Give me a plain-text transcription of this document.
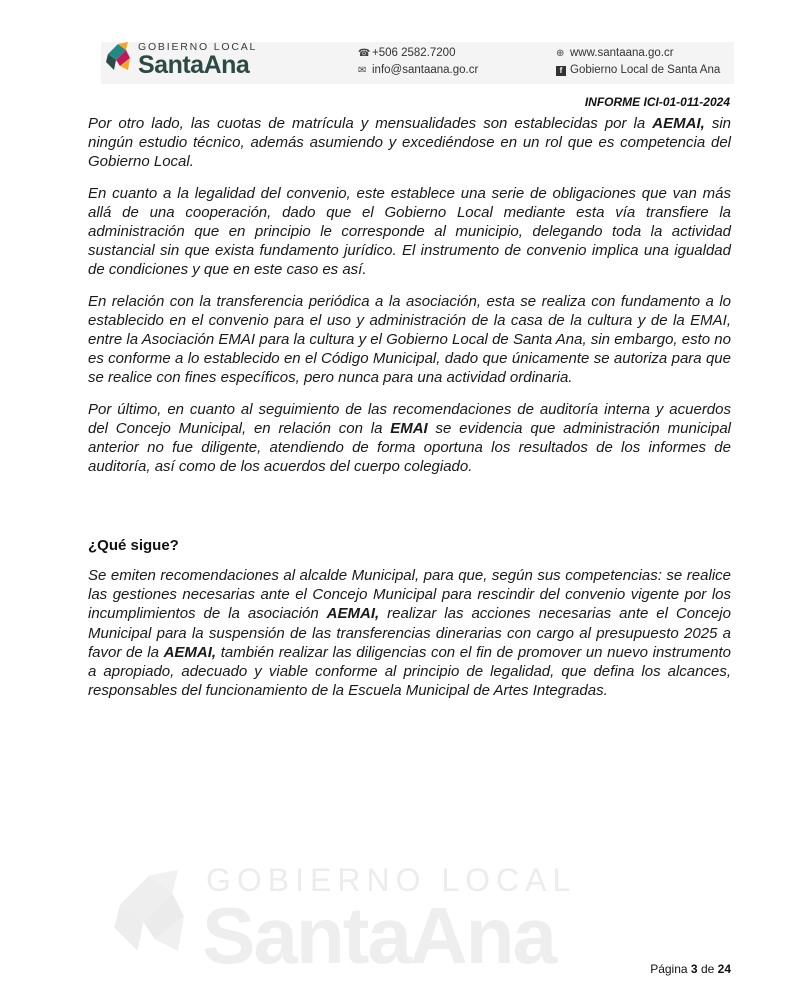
GOBIERNO LOCAL
SantaAna	☎ +506 2582.7200
✉ info@santaana.go.cr
⊕ www.santaana.go.cr
f Gobierno Local de Santa Ana
INFORME ICI-01-011-2024

Por otro lado, las cuotas de matrícula y mensualidades son establecidas por la AEMAI, sin ningún estudio técnico, además asumiendo y excediéndose en un rol que es competencia del Gobierno Local.

En cuanto a la legalidad del convenio, este establece una serie de obligaciones que van más allá de una cooperación, dado que el Gobierno Local mediante esta vía transfiere la administración que en principio le corresponde al municipio, delegando toda la actividad sustancial sin que exista fundamento jurídico. El instrumento de convenio implica una igualdad de condiciones y que en este caso es así.

En relación con la transferencia periódica a la asociación, esta se realiza con fundamento a lo establecido en el convenio para el uso y administración de la casa de la cultura y de la EMAI, entre la Asociación EMAI para la cultura y el Gobierno Local de Santa Ana, sin embargo, esto no es conforme a lo establecido en el Código Municipal, dado que únicamente se autoriza para que se realice con fines específicos, pero nunca para una actividad ordinaria.

Por último, en cuanto al seguimiento de las recomendaciones de auditoría interna y acuerdos del Concejo Municipal, en relación con la EMAI se evidencia que administración municipal anterior no fue diligente, atendiendo de forma oportuna los resultados de los informes de auditoría, así como de los acuerdos del cuerpo colegiado.

¿Qué sigue?

Se emiten recomendaciones al alcalde Municipal, para que, según sus competencias: se realice las gestiones necesarias ante el Concejo Municipal para rescindir del convenio vigente por los incumplimientos de la asociación AEMAI, realizar las acciones necesarias ante el Concejo Municipal para la suspensión de las transferencias dinerarias con cargo al presupuesto 2025 a favor de la AEMAI, también realizar las diligencias con el fin de promover un nuevo instrumento a apropiado, adecuado y viable conforme al principio de legalidad, que defina los alcances, responsables del funcionamiento de la Escuela Municipal de Artes Integradas.

GOBIERNO LOCAL
SantaAna	Página 3 de 24
